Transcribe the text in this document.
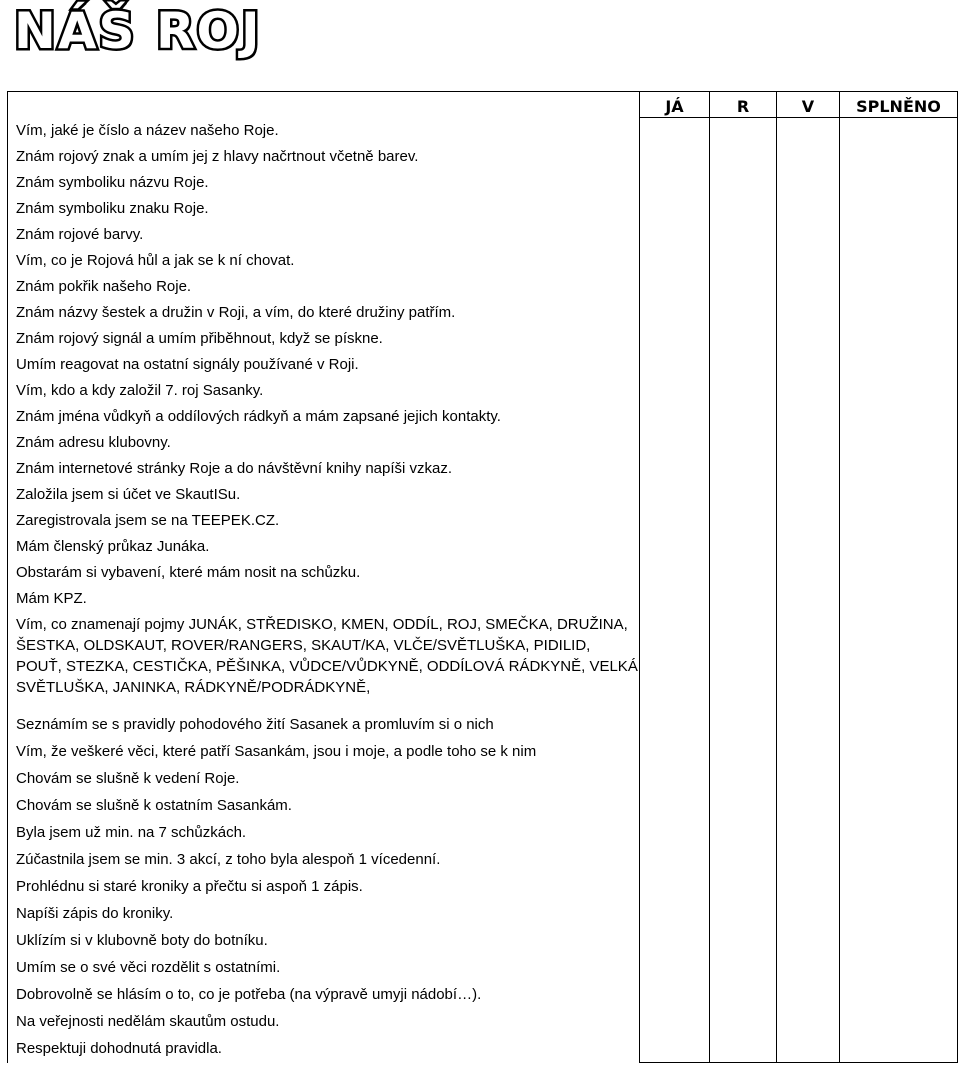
NÁŠ ROJ
	JÁ	R	V	SPLNĚNO
Vím, jaké je číslo a název našeho Roje.				
Znám rojový znak a umím jej z hlavy načrtnout včetně barev.				
Znám symboliku názvu Roje.				
Znám symboliku znaku Roje.				
Znám rojové barvy.				
Vím, co je Rojová hůl a jak se k ní chovat.				
Znám pokřik našeho Roje.				
Znám názvy šestek a družin v Roji, a vím, do které družiny patřím.				
Znám rojový signál a umím přiběhnout, když se pískne.				
Umím reagovat na ostatní signály používané v Roji.				
Vím, kdo a kdy založil 7. roj Sasanky.				
Znám jména vůdkyň a oddílových rádkyň a mám zapsané jejich kontakty.				
Znám adresu klubovny.				
Znám internetové stránky Roje a do návštěvní knihy napíši vzkaz.				
Založila jsem si účet ve SkautISu.				
Zaregistrovala jsem se na TEEPEK.CZ.				
Mám členský průkaz Junáka.				
Obstarám si vybavení, které mám nosit na schůzku.				
Mám KPZ.				
Vím, co znamenají pojmy JUNÁK, STŘEDISKO, KMEN, ODDÍL, ROJ, SMEČKA, DRUŽINA, ŠESTKA, OLDSKAUT, ROVER/RANGERS, SKAUT/KA, VLČE/SVĚTLUŠKA, PIDILID, POUŤ, STEZKA, CESTIČKA, PĚŠINKA, VŮDCE/VŮDKYNĚ, ODDÍLOVÁ RÁDKYNĚ, VELKÁ SVĚTLUŠKA, JANINKA, RÁDKYNĚ/PODRÁDKYNĚ,				
Seznámím se s pravidly pohodového žití Sasanek a promluvím si o nich				
Vím, že veškeré věci, které patří Sasankám, jsou i moje, a podle toho se k nim				
Chovám se slušně k vedení Roje.				
Chovám se slušně k ostatním Sasankám.				
Byla jsem už min. na 7 schůzkách.				
Zúčastnila jsem se min. 3 akcí, z toho byla alespoň 1 vícedenní.				
Prohlédnu si staré kroniky a přečtu si aspoň 1 zápis.				
Napíši zápis do kroniky.				
Uklízím si v klubovně boty do botníku.				
Umím se o své věci rozdělit s ostatními.				
Dobrovolně se hlásím o to, co je potřeba (na výpravě umyji nádobí…).				
Na veřejnosti nedělám skautům ostudu.				
Respektuji dohodnutá pravidla.				
